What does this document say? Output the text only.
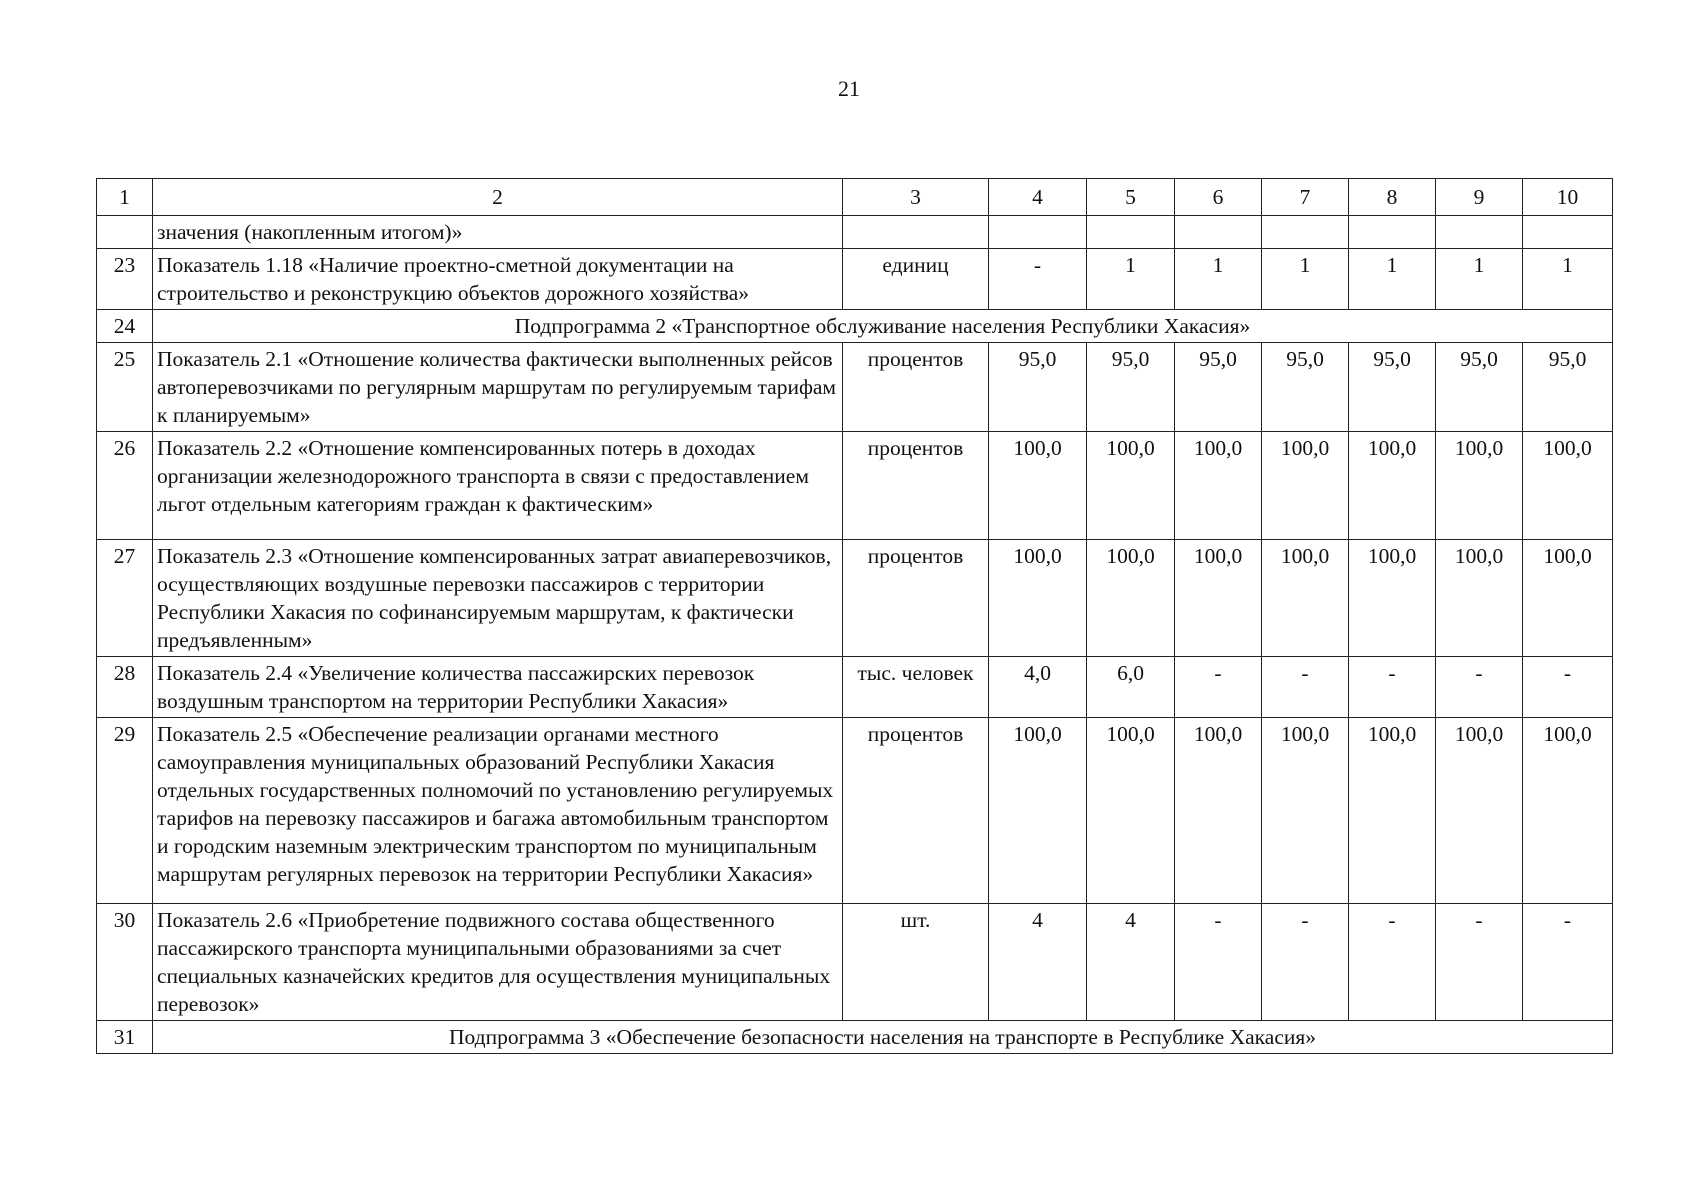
21
1	2	3	4	5	6	7	8	9	10
	значения (накопленным итогом)»								
23	Показатель 1.18 «Наличие проектно-сметной документации на строительство и реконструкцию объектов дорожного хозяйства»	единиц	-	1	1	1	1	1	1
24	Подпрограмма 2 «Транспортное обслуживание населения Республики Хакасия»								
25	Показатель 2.1 «Отношение количества фактически выполненных рейсов автоперевозчиками по регулярным маршрутам по регулируемым тарифам к планируемым»	процентов	95,0	95,0	95,0	95,0	95,0	95,0	95,0
26	Показатель 2.2 «Отношение компенсированных потерь в доходах организации железнодорожного транспорта в связи с предоставлением льгот отдельным категориям граждан к фактическим»	процентов	100,0	100,0	100,0	100,0	100,0	100,0	100,0
27	Показатель 2.3 «Отношение компенсированных затрат авиаперевозчиков, осуществляющих воздушные перевозки пассажиров с территории Республики Хакасия по софинансируемым маршрутам, к фактически предъявленным»	процентов	100,0	100,0	100,0	100,0	100,0	100,0	100,0
28	Показатель 2.4 «Увеличение количества пассажирских перевозок воздушным транспортом на территории Республики Хакасия»	тыс. человек	4,0	6,0	-	-	-	-	-
29	Показатель 2.5 «Обеспечение реализации органами местного самоуправления муниципальных образований Республики Хакасия отдельных государственных полномочий по установлению регулируемых тарифов на перевозку пассажиров и багажа автомобильным транспортом и городским наземным электрическим транспортом по муниципальным маршрутам регулярных перевозок на территории Республики Хакасия»	процентов	100,0	100,0	100,0	100,0	100,0	100,0	100,0
30	Показатель 2.6 «Приобретение подвижного состава общественного пассажирского транспорта муниципальными образованиями за счет специальных казначейских кредитов для осуществления муниципальных перевозок»	шт.	4	4	-	-	-	-	-
31	Подпрограмма 3 «Обеспечение безопасности населения на транспорте в Республике Хакасия»								
